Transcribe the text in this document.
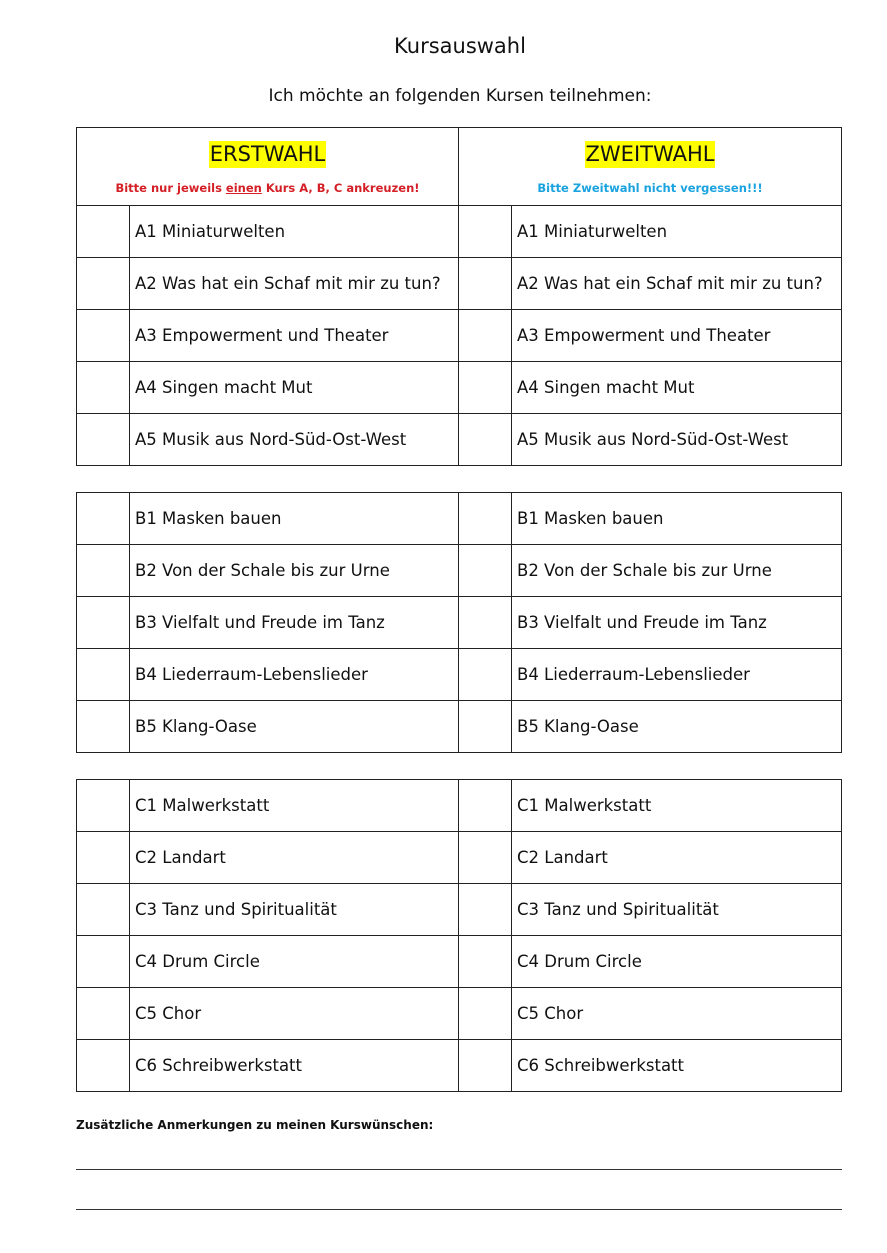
Kursauswahl
Ich möchte an folgenden Kursen teilnehmen:
ERSTWAHL
Bitte nur jeweils einen Kurs A, B, C ankreuzen!
	ZWEITWAHL
Bitte Zweitwahl nicht vergessen!!!
	A1 Miniaturwelten		A1 Miniaturwelten
	A2 Was hat ein Schaf mit mir zu tun?		A2 Was hat ein Schaf mit mir zu tun?
	A3 Empowerment und Theater		A3 Empowerment und Theater
	A4 Singen macht Mut		A4 Singen macht Mut
	A5 Musik aus Nord-Süd-Ost-West		A5 Musik aus Nord-Süd-Ost-West
	B1 Masken bauen		B1 Masken bauen
	B2 Von der Schale bis zur Urne		B2 Von der Schale bis zur Urne
	B3 Vielfalt und Freude im Tanz		B3 Vielfalt und Freude im Tanz
	B4 Liederraum-Lebenslieder		B4 Liederraum-Lebenslieder
	B5 Klang-Oase		B5 Klang-Oase
	C1 Malwerkstatt		C1 Malwerkstatt
	C2 Landart		C2 Landart
	C3 Tanz und Spiritualität		C3 Tanz und Spiritualität
	C4 Drum Circle		C4 Drum Circle
	C5 Chor		C5 Chor
	C6 Schreibwerkstatt		C6 Schreibwerkstatt
Zusätzliche Anmerkungen zu meinen Kurswünschen:
